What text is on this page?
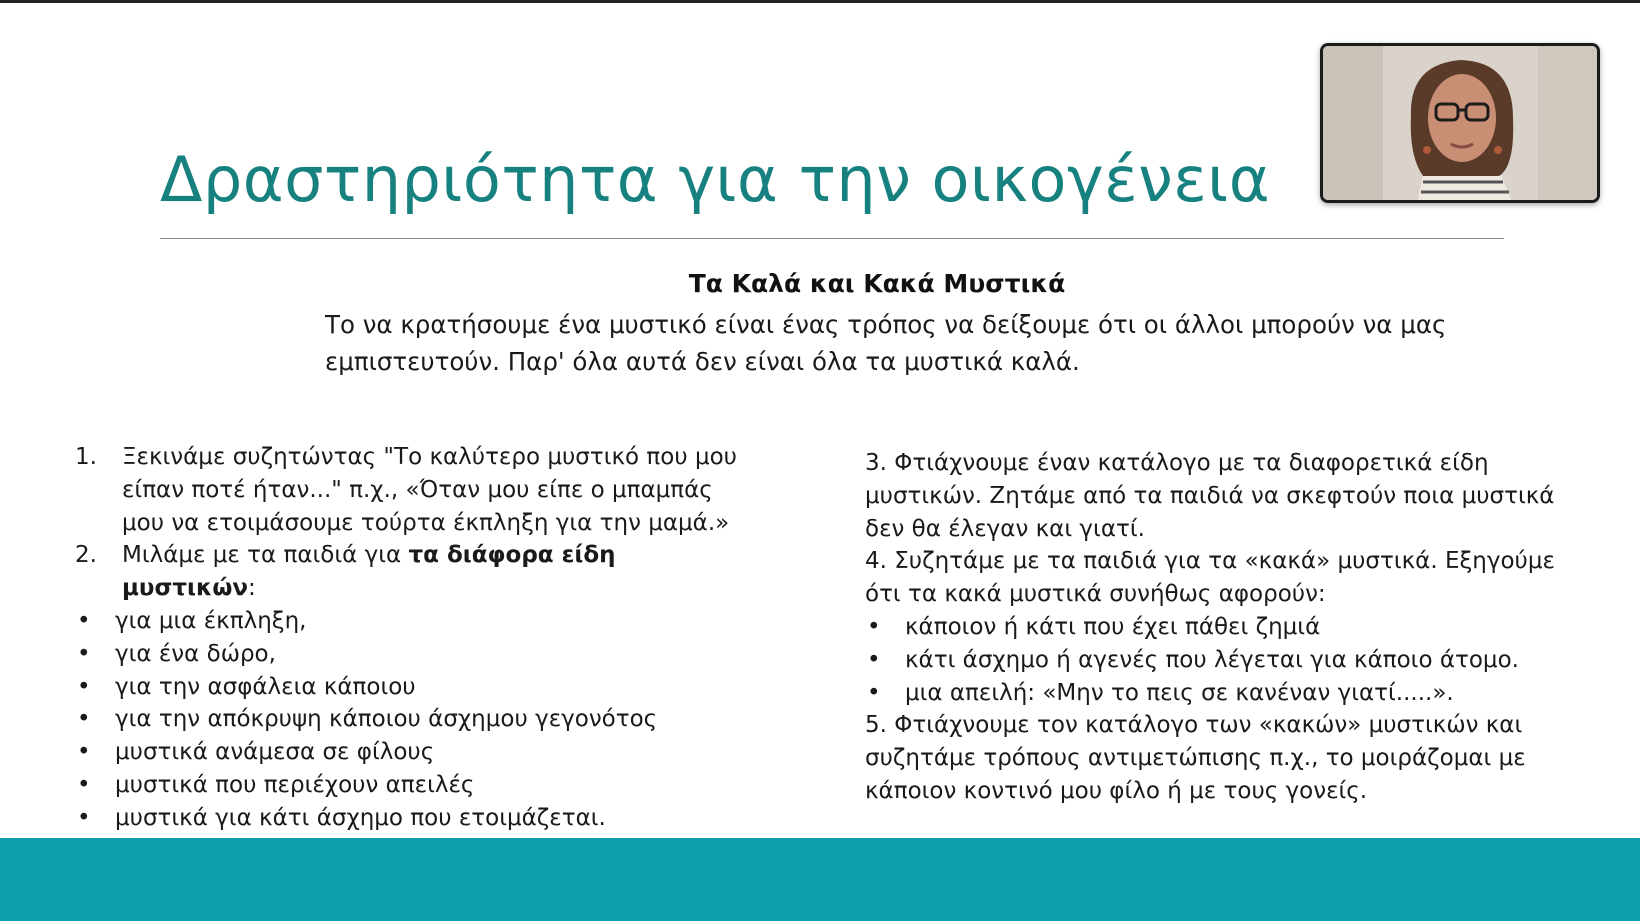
Δραστηριότητα για την οικογένεια
Τα Καλά και Κακά Μυστικά
Το να κρατήσουμε ένα μυστικό είναι ένας τρόπος να δείξουμε ότι οι άλλοι μπορούν να μας εμπιστευτούν. Παρ' όλα αυτά δεν είναι όλα τα μυστικά καλά.
1. Ξεκινάμε συζητώντας "Το καλύτερο μυστικό που μου είπαν ποτέ ήταν..." π.χ., «Όταν μου είπε ο μπαμπάς μου να ετοιμάσουμε τούρτα έκπληξη για την μαμά.»
2. Μιλάμε με τα παιδιά για τα διάφορα είδη μυστικών:
• για μια έκπληξη,
• για ένα δώρο,
• για την ασφάλεια κάποιου
• για την απόκρυψη κάποιου άσχημου γεγονότος
• μυστικά ανάμεσα σε φίλους
• μυστικά που περιέχουν απειλές
• μυστικά για κάτι άσχημο που ετοιμάζεται.
3. Φτιάχνουμε έναν κατάλογο με τα διαφορετικά είδη μυστικών. Ζητάμε από τα παιδιά να σκεφτούν ποια μυστικά δεν θα έλεγαν και γιατί.
4. Συζητάμε με τα παιδιά για τα «κακά» μυστικά. Εξηγούμε ότι τα κακά μυστικά συνήθως αφορούν:
• κάποιον ή κάτι που έχει πάθει ζημιά
• κάτι άσχημο ή αγενές που λέγεται για κάποιο άτομο.
• μια απειλή: «Μην το πεις σε κανέναν γιατί.....».
5. Φτιάχνουμε τον κατάλογο των «κακών» μυστικών και συζητάμε τρόπους αντιμετώπισης π.χ., το μοιράζομαι με κάποιον κοντινό μου φίλο ή με τους γονείς.
